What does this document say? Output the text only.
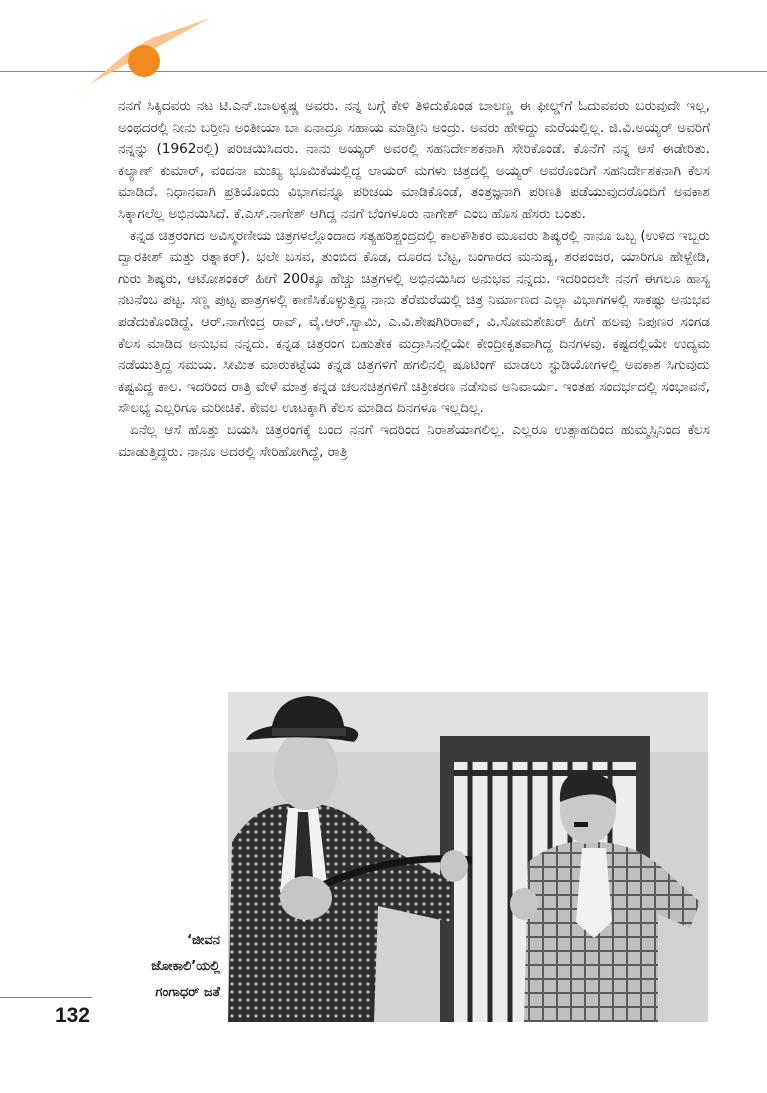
ನನಗೆ ಸಿಕ್ಕಿದವರು ನಟ ಟಿ.ಎನ್.ಬಾಲಕೃಷ್ಣ ಅವರು. ನನ್ನ ಬಗ್ಗೆ ಕೇಳಿ ತಿಳಿದುಕೊಂಡ ಬಾಲಣ್ಣ ಈ ಫೀಲ್ಡ್‌ಗೆ ಓದುವವರು ಬರುವುದೇ ಇಲ್ಲ, ಅಂಥದರಲ್ಲಿ ನೀನು ಬರ್‍ತೀನಿ ಅಂತೀಯಾ ಬಾ ಏನಾದ್ರೂ ಸಹಾಯ ಮಾಡ್ತೀನಿ ಅಂದ್ರು. ಅವರು ಹೇಳಿದ್ದು ಮರೆಯಲ್ಲಿಲ್ಲ. ಜಿ.ವಿ.ಅಯ್ಯರ್ ಅವರಿಗೆ ನನ್ನನ್ನು (1962ರಲ್ಲಿ) ಪರಿಚಯಿಸಿದರು. ನಾನು ಅಯ್ಯರ್ ಅವರಲ್ಲಿ ಸಹನಿರ್ದೇಶಕನಾಗಿ ಸೇರಿಕೊಂಡೆ. ಕೊನೆಗೆ ನನ್ನ ಆಸೆ ಈಡೇರಿತು. ಕಲ್ಯಾಣ್ ಕುಮಾರ್, ವಂದನಾ ಮುಖ್ಯ ಭೂಮಿಕೆಯಲ್ಲಿದ್ದ ಲಾಯರ್ ಮಗಳು ಚಿತ್ರದಲ್ಲಿ ಅಯ್ಯರ್ ಅವರೊಂದಿಗೆ ಸಹನಿರ್ದೇಶಕನಾಗಿ ಕೆಲಸ ಮಾಡಿದೆ. ನಿಧಾನವಾಗಿ ಪ್ರತಿಯೊಂದು ವಿಭಾಗವನ್ನೂ ಪರಿಚಯ ಮಾಡಿಕೊಂಡೆ, ತಂತ್ರಜ್ಞನಾಗಿ ಪರಿಣತಿ ಪಡೆಯುವುದರೊಂದಿಗೆ ಅವಕಾಶ ಸಿಕ್ಕಾಗಲೆಲ್ಲ ಅಭಿನಯಿಸಿದೆ. ಕೆ.ಎಸ್.ನಾಗೇಶ್ ಆಗಿದ್ದ ನನಗೆ ಬೆಂಗಳೂರು ನಾಗೇಶ್ ಎಂಬ ಹೊಸ ಹೆಸರು ಬಂತು.

ಕನ್ನಡ ಚಿತ್ರರಂಗದ ಅವಿಸ್ಮರಣೀಯ ಚಿತ್ರಗಳಲ್ಲೊಂದಾದ ಸತ್ಯಹರಿಶ್ಚಂದ್ರದಲ್ಲಿ ಕಾಲಕೌಶಿಕರ ಮೂವರು ಶಿಷ್ಯರಲ್ಲಿ ನಾನೂ ಒಬ್ಬ (ಉಳಿದ ಇಬ್ಬರು ದ್ವಾರಕೀಶ್ ಮತ್ತು ರತ್ನಾಕರ್). ಭಲೇ ಬಸವ, ತುಂಬಿದ ಕೊಡ, ದೂರದ ಬೆಟ್ಟ, ಬಂಗಾರದ ಮನುಷ್ಯ, ಶರಪಂಜರ, ಯಾರಿಗೂ ಹೇಳ್ಬೇಡಿ, ಗುರು ಶಿಷ್ಯರು, ಆಟೋಶಂಕರ್ ಹೀಗೆ 200ಕ್ಕೂ ಹೆಚ್ಚು ಚಿತ್ರಗಳಲ್ಲಿ ಅಭಿನಯಿಸಿದ ಅನುಭವ ನನ್ನದು. ಇದರಿಂದಲೇ ನನಗೆ ಈಗಲೂ ಹಾಸ್ಯ ನಟನೆಂಬ ಪಟ್ಟ. ಸಣ್ಣ ಪುಟ್ಟ ಪಾತ್ರಗಳಲ್ಲಿ ಕಾಣಿಸಿಕೊಳ್ಳುತ್ತಿದ್ದ ನಾನು ತೆರೆಮರೆಯಲ್ಲಿ ಚಿತ್ರ ನಿರ್ಮಾಣದ ಎಲ್ಲಾ ವಿಭಾಗಗಳಲ್ಲಿ ಸಾಕಷ್ಟು ಅನುಭವ ಪಡೆದುಕೊಂಡಿದ್ದೆ. ಆರ್.ನಾಗೇಂದ್ರ ರಾವ್, ವೈ.ಆರ್.ಸ್ವಾಮಿ, ಎ.ವಿ.ಶೇಷಗಿರಿರಾವ್, ವಿ.ಸೋಮಶೇಖರ್ ಹೀಗೆ ಹಲವು ನಿಪುಣರ ಸಂಗಡ ಕೆಲಸ ಮಾಡಿದ ಅನುಭವ ನನ್ನದು. ಕನ್ನಡ ಚಿತ್ರರಂಗ ಬಹುತೇಕ ಮದ್ರಾಸಿನಲ್ಲಿಯೇ ಕೇಂದ್ರೀಕೃತವಾಗಿದ್ದ ದಿನಗಳವು. ಕಷ್ಟದಲ್ಲಿಯೇ ಉದ್ಯಮ ನಡೆಯುತ್ತಿದ್ದ ಸಮಯ. ಸೀಮಿತ ಮಾರುಕಟ್ಟೆಯ ಕನ್ನಡ ಚಿತ್ರಗಳಿಗೆ ಹಗಲಿನಲ್ಲಿ ಷೂಟಿಂಗ್ ಮಾಡಲು ಸ್ಟುಡಿಯೋಗಳಲ್ಲಿ ಅವಕಾಶ ಸಿಗುವುದು ಕಷ್ಟವಿದ್ದ ಕಾಲ. ಇದರಿಂದ ರಾತ್ರಿ ವೇಳೆ ಮಾತ್ರ ಕನ್ನಡ ಚಲನಚಿತ್ರಗಳಿಗೆ ಚಿತ್ರೀಕರಣ ನಡೆಸುವ ಅನಿವಾರ್ಯ. ಇಂತಹ ಸಂದರ್ಭದಲ್ಲಿ ಸಂಭಾವನೆ, ಸೌಲಭ್ಯ ಎಲ್ಲರಿಗೂ ಮರೀಚಿಕೆ. ಕೇವಲ ಊಟಕ್ಕಾಗಿ ಕೆಲಸ ಮಾಡಿದ ದಿನಗಳೂ ಇಲ್ಲದಿಲ್ಲ.

ಏನೆಲ್ಲ ಆಸೆ ಹೊತ್ತು ಬಯಸಿ ಚಿತ್ರರಂಗಕ್ಕೆ ಬಂದ ನನಗೆ ಇದರಿಂದ ನಿರಾಶೆಯಾಗಲಿಲ್ಲ. ಎಲ್ಲರೂ ಉತ್ಸಾಹದಿಂದ ಹುಮ್ಮಸ್ಸಿನಿಂದ ಕೆಲಸ ಮಾಡುತ್ತಿದ್ದರು. ನಾನೂ ಅದರಲ್ಲಿ ಸೇರಿಹೋಗಿದ್ದೆ, ರಾತ್ರಿ

‘ಜೀವನ
ಜೋಕಾಲಿ’ಯಲ್ಲಿ
ಗಂಗಾಧರ್ ಜತೆ
132
